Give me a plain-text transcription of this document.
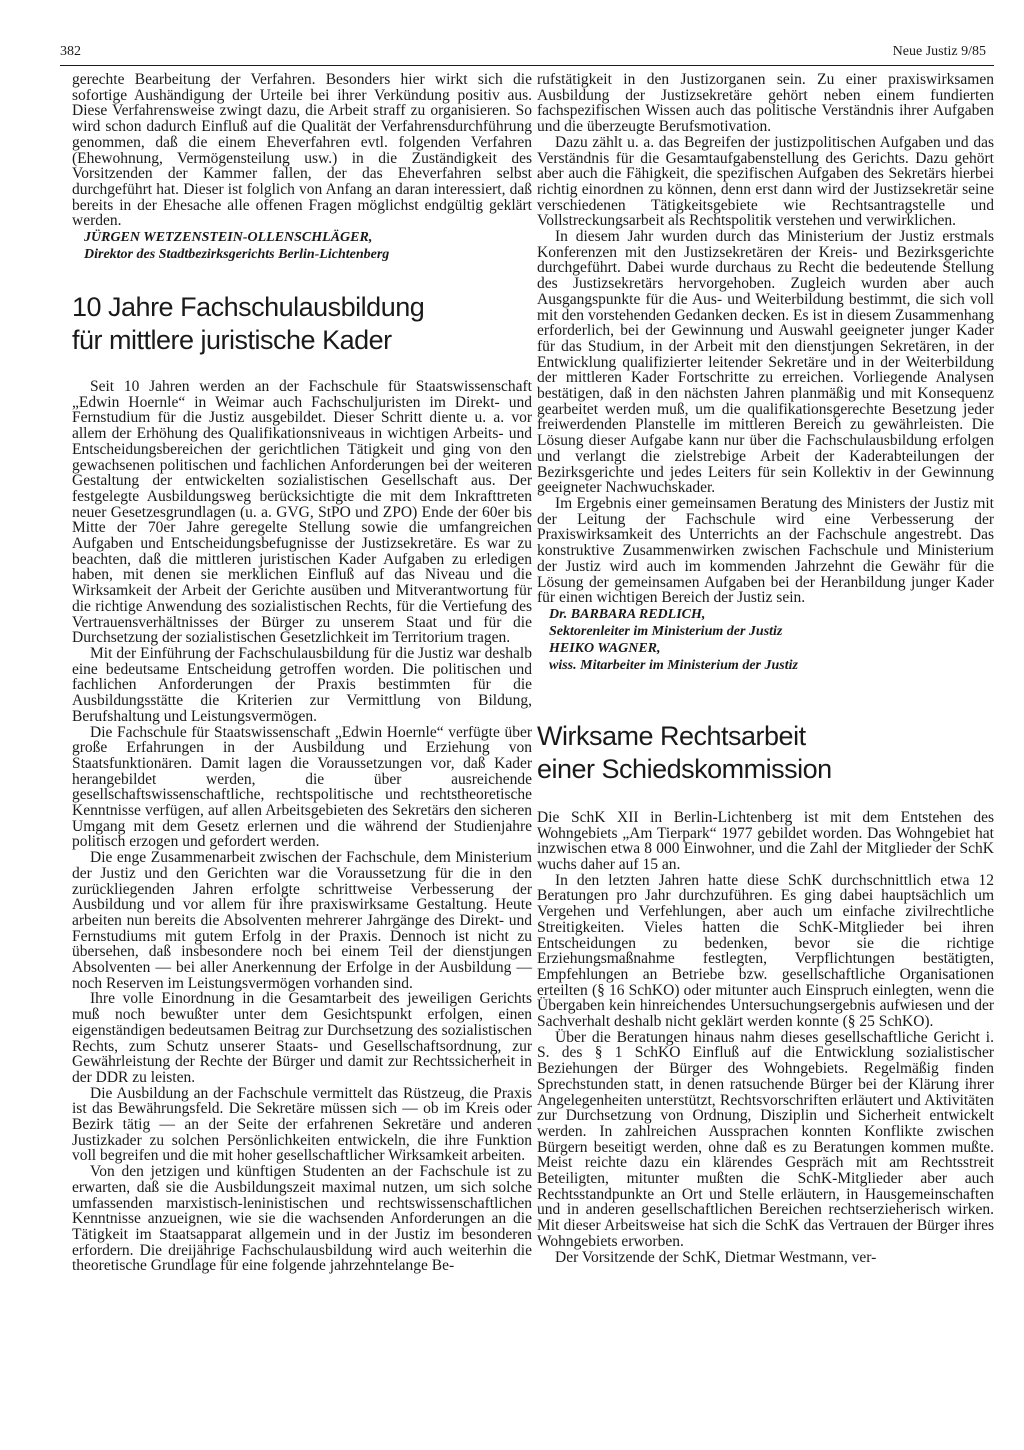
382	Neue Justiz 9/85

gerechte Bearbeitung der Verfahren. Besonders hier wirkt sich die sofortige Aushändigung der Urteile bei ihrer Verkündung positiv aus. Diese Verfahrensweise zwingt dazu, die Arbeit straff zu organisieren. So wird schon dadurch Einfluß auf die Qualität der Verfahrensdurchführung genommen, daß die einem Eheverfahren evtl. folgenden Verfahren (Ehewohnung, Vermögensteilung usw.) in die Zuständigkeit des Vorsitzenden der Kammer fallen, der das Eheverfahren selbst durchgeführt hat. Dieser ist folglich von Anfang an daran interessiert, daß bereits in der Ehesache alle offenen Fragen möglichst endgültig geklärt werden.

JÜRGEN WETZENSTEIN-OLLENSCHLÄGER,
Direktor des Stadtbezirksgerichts Berlin-Lichtenberg
10 Jahre Fachschulausbildung
für mittlere juristische Kader

Seit 10 Jahren werden an der Fachschule für Staatswissenschaft „Edwin Hoernle“ in Weimar auch Fachschuljuristen im Direkt- und Fernstudium für die Justiz ausgebildet. Dieser Schritt diente u. a. vor allem der Erhöhung des Qualifikationsniveaus in wichtigen Arbeits- und Entscheidungsbereichen der gerichtlichen Tätigkeit und ging von den gewachsenen politischen und fachlichen Anforderungen bei der weiteren Gestaltung der entwickelten sozialistischen Gesellschaft aus. Der festgelegte Ausbildungsweg berücksichtigte die mit dem Inkrafttreten neuer Gesetzesgrundlagen (u. a. GVG, StPO und ZPO) Ende der 60er bis Mitte der 70er Jahre geregelte Stellung sowie die umfangreichen Aufgaben und Entscheidungsbefugnisse der Justizsekretäre. Es war zu beachten, daß die mittleren juristischen Kader Aufgaben zu erledigen haben, mit denen sie merklichen Einfluß auf das Niveau und die Wirksamkeit der Arbeit der Gerichte ausüben und Mitverantwortung für die richtige Anwendung des sozialistischen Rechts, für die Vertiefung des Vertrauensverhältnisses der Bürger zu unserem Staat und für die Durchsetzung der sozialistischen Gesetzlichkeit im Territorium tragen.

Mit der Einführung der Fachschulausbildung für die Justiz war deshalb eine bedeutsame Entscheidung getroffen worden. Die politischen und fachlichen Anforderungen der Praxis bestimmten für die Ausbildungsstätte die Kriterien zur Vermittlung von Bildung, Berufshaltung und Leistungsvermögen.

Die Fachschule für Staatswissenschaft „Edwin Hoernle“ verfügte über große Erfahrungen in der Ausbildung und Erziehung von Staatsfunktionären. Damit lagen die Voraussetzungen vor, daß Kader herangebildet werden, die über ausreichende gesellschaftswissenschaftliche, rechtspolitische und rechtstheoretische Kenntnisse verfügen, auf allen Arbeitsgebieten des Sekretärs den sicheren Umgang mit dem Gesetz erlernen und die während der Studienjahre politisch erzogen und gefordert werden.

Die enge Zusammenarbeit zwischen der Fachschule, dem Ministerium der Justiz und den Gerichten war die Voraussetzung für die in den zurückliegenden Jahren erfolgte schrittweise Verbesserung der Ausbildung und vor allem für ihre praxiswirksame Gestaltung. Heute arbeiten nun bereits die Absolventen mehrerer Jahrgänge des Direkt- und Fernstudiums mit gutem Erfolg in der Praxis. Dennoch ist nicht zu übersehen, daß insbesondere noch bei einem Teil der dienstjungen Absolventen — bei aller Anerkennung der Erfolge in der Ausbildung — noch Reserven im Leistungsvermögen vorhanden sind.

Ihre volle Einordnung in die Gesamtarbeit des jeweiligen Gerichts muß noch bewußter unter dem Gesichtspunkt erfolgen, einen eigenständigen bedeutsamen Beitrag zur Durchsetzung des sozialistischen Rechts, zum Schutz unserer Staats- und Gesellschaftsordnung, zur Gewährleistung der Rechte der Bürger und damit zur Rechtssicherheit in der DDR zu leisten.

Die Ausbildung an der Fachschule vermittelt das Rüstzeug, die Praxis ist das Bewährungsfeld. Die Sekretäre müssen sich — ob im Kreis oder Bezirk tätig — an der Seite der erfahrenen Sekretäre und anderen Justizkader zu solchen Persönlichkeiten entwickeln, die ihre Funktion voll begreifen und die mit hoher gesellschaftlicher Wirksamkeit arbeiten.

Von den jetzigen und künftigen Studenten an der Fachschule ist zu erwarten, daß sie die Ausbildungszeit maximal nutzen, um sich solche umfassenden marxistisch-leninistischen und rechtswissenschaftlichen Kenntnisse anzueignen, wie sie die wachsenden Anforderungen an die Tätigkeit im Staatsapparat allgemein und in der Justiz im besonderen erfordern. Die dreijährige Fachschulausbildung wird auch weiterhin die theoretische Grundlage für eine folgende jahrzehntelange Be-

rufstätigkeit in den Justizorganen sein. Zu einer praxiswirksamen Ausbildung der Justizsekretäre gehört neben einem fundierten fachspezifischen Wissen auch das politische Verständnis ihrer Aufgaben und die überzeugte Berufsmotivation.

Dazu zählt u. a. das Begreifen der justizpolitischen Aufgaben und das Verständnis für die Gesamtaufgabenstellung des Gerichts. Dazu gehört aber auch die Fähigkeit, die spezifischen Aufgaben des Sekretärs hierbei richtig einordnen zu können, denn erst dann wird der Justizsekretär seine verschiedenen Tätigkeitsgebiete wie Rechtsantragstelle und Vollstreckungsarbeit als Rechtspolitik verstehen und verwirklichen.

In diesem Jahr wurden durch das Ministerium der Justiz erstmals Konferenzen mit den Justizsekretären der Kreis- und Bezirksgerichte durchgeführt. Dabei wurde durchaus zu Recht die bedeutende Stellung des Justizsekretärs hervorgehoben. Zugleich wurden aber auch Ausgangspunkte für die Aus- und Weiterbildung bestimmt, die sich voll mit den vorstehenden Gedanken decken. Es ist in diesem Zusammenhang erforderlich, bei der Gewinnung und Auswahl geeigneter junger Kader für das Studium, in der Arbeit mit den dienstjungen Sekretären, in der Entwicklung qualifizierter leitender Sekretäre und in der Weiterbildung der mittleren Kader Fortschritte zu erreichen. Vorliegende Analysen bestätigen, daß in den nächsten Jahren planmäßig und mit Konsequenz gearbeitet werden muß, um die qualifikationsgerechte Besetzung jeder freiwerdenden Planstelle im mittleren Bereich zu gewährleisten. Die Lösung dieser Aufgabe kann nur über die Fachschulausbildung erfolgen und verlangt die zielstrebige Arbeit der Kaderabteilungen der Bezirksgerichte und jedes Leiters für sein Kollektiv in der Gewinnung geeigneter Nachwuchskader.

Im Ergebnis einer gemeinsamen Beratung des Ministers der Justiz mit der Leitung der Fachschule wird eine Verbesserung der Praxiswirksamkeit des Unterrichts an der Fachschule angestrebt. Das konstruktive Zusammenwirken zwischen Fachschule und Ministerium der Justiz wird auch im kommenden Jahrzehnt die Gewähr für die Lösung der gemeinsamen Aufgaben bei der Heranbildung junger Kader für einen wichtigen Bereich der Justiz sein.

Dr. BARBARA REDLICH,
Sektorenleiter im Ministerium der Justiz
HEIKO WAGNER,
wiss. Mitarbeiter im Ministerium der Justiz
Wirksame Rechtsarbeit
einer Schiedskommission

Die SchK XII in Berlin-Lichtenberg ist mit dem Entstehen des Wohngebiets „Am Tierpark“ 1977 gebildet worden. Das Wohngebiet hat inzwischen etwa 8 000 Einwohner, und die Zahl der Mitglieder der SchK wuchs daher auf 15 an.

In den letzten Jahren hatte diese SchK durchschnittlich etwa 12 Beratungen pro Jahr durchzuführen. Es ging dabei hauptsächlich um Vergehen und Verfehlungen, aber auch um einfache zivilrechtliche Streitigkeiten. Vieles hatten die SchK-Mitglieder bei ihren Entscheidungen zu bedenken, bevor sie die richtige Erziehungsmaßnahme festlegten, Verpflichtungen bestätigten, Empfehlungen an Betriebe bzw. gesellschaftliche Organisationen erteilten (§ 16 SchKO) oder mitunter auch Einspruch einlegten, wenn die Übergaben kein hinreichendes Untersuchungsergebnis aufwiesen und der Sachverhalt deshalb nicht geklärt werden konnte (§ 25 SchKO).

Über die Beratungen hinaus nahm dieses gesellschaftliche Gericht i. S. des § 1 SchKO Einfluß auf die Entwicklung sozialistischer Beziehungen der Bürger des Wohngebiets. Regelmäßig finden Sprechstunden statt, in denen ratsuchende Bürger bei der Klärung ihrer Angelegenheiten unterstützt, Rechtsvorschriften erläutert und Aktivitäten zur Durchsetzung von Ordnung, Disziplin und Sicherheit entwickelt werden. In zahlreichen Aussprachen konnten Konflikte zwischen Bürgern beseitigt werden, ohne daß es zu Beratungen kommen mußte. Meist reichte dazu ein klärendes Gespräch mit am Rechtsstreit Beteiligten, mitunter mußten die SchK-Mitglieder aber auch Rechtsstandpunkte an Ort und Stelle erläutern, in Hausgemeinschaften und in anderen gesellschaftlichen Bereichen rechtserzieherisch wirken. Mit dieser Arbeitsweise hat sich die SchK das Vertrauen der Bürger ihres Wohngebiets erworben.

Der Vorsitzende der SchK, Dietmar Westmann, ver-
